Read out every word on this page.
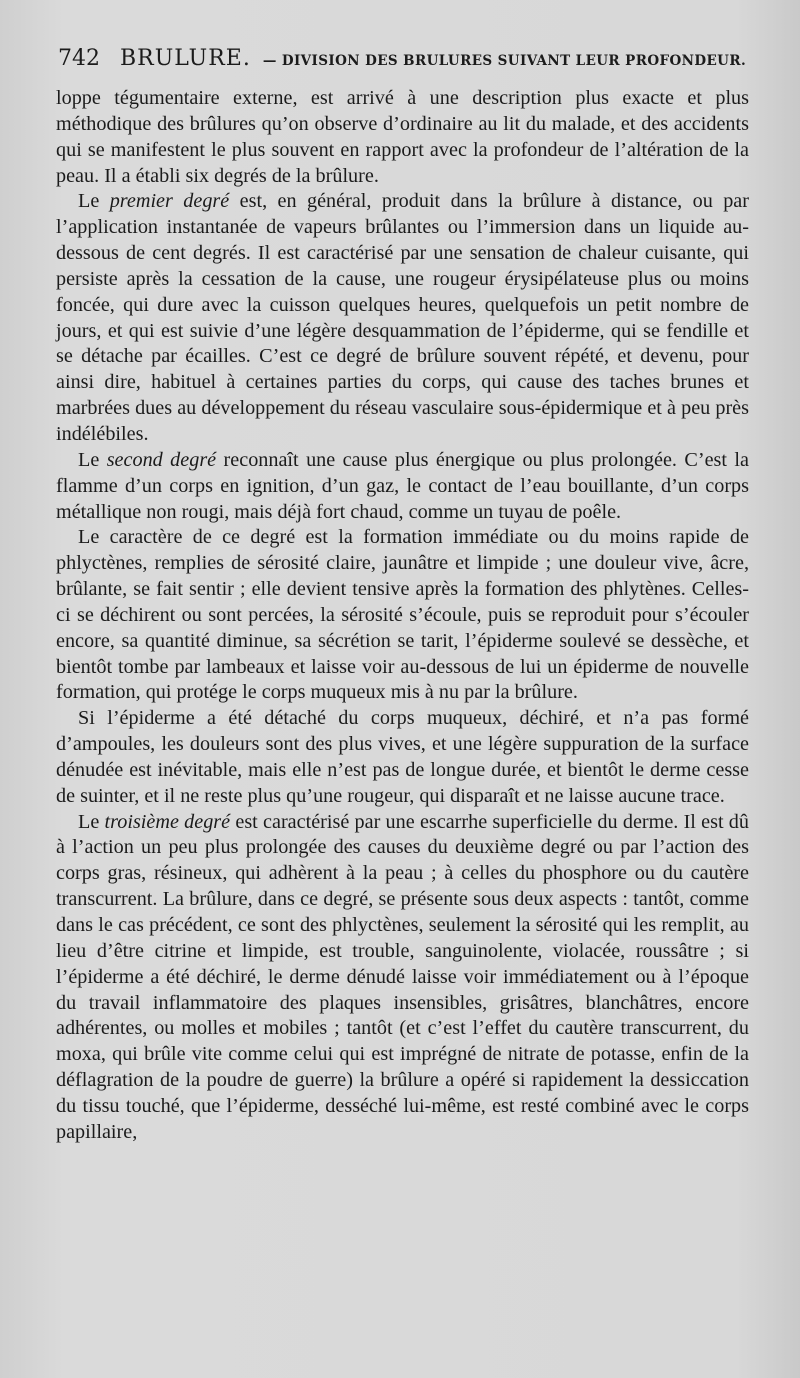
742 BRULURE. — DIVISION DES BRULURES SUIVANT LEUR PROFONDEUR.

loppe tégumentaire externe, est arrivé à une description plus exacte et plus méthodique des brûlures qu’on observe d’ordinaire au lit du malade, et des accidents qui se manifestent le plus souvent en rapport avec la profondeur de l’altération de la peau. Il a établi six degrés de la brûlure.

Le premier degré est, en général, produit dans la brûlure à distance, ou par l’application instantanée de vapeurs brûlantes ou l’immersion dans un liquide au-dessous de cent degrés. Il est caractérisé par une sensation de chaleur cuisante, qui persiste après la cessation de la cause, une rougeur érysipélateuse plus ou moins foncée, qui dure avec la cuisson quelques heures, quelquefois un petit nombre de jours, et qui est suivie d’une légère desquammation de l’épiderme, qui se fendille et se détache par écailles. C’est ce degré de brûlure souvent répété, et devenu, pour ainsi dire, habituel à certaines parties du corps, qui cause des taches brunes et marbrées dues au développement du réseau vasculaire sous-épidermique et à peu près indélébiles.

Le second degré reconnaît une cause plus énergique ou plus prolongée. C’est la flamme d’un corps en ignition, d’un gaz, le contact de l’eau bouillante, d’un corps métallique non rougi, mais déjà fort chaud, comme un tuyau de poêle.

Le caractère de ce degré est la formation immédiate ou du moins rapide de phlyctènes, remplies de sérosité claire, jaunâtre et limpide ; une douleur vive, âcre, brûlante, se fait sentir ; elle devient tensive après la formation des phlytènes. Celles-ci se déchirent ou sont percées, la sérosité s’écoule, puis se reproduit pour s’écouler encore, sa quantité diminue, sa sécrétion se tarit, l’épiderme soulevé se dessèche, et bientôt tombe par lambeaux et laisse voir au-dessous de lui un épiderme de nouvelle formation, qui protége le corps muqueux mis à nu par la brûlure.

Si l’épiderme a été détaché du corps muqueux, déchiré, et n’a pas formé d’ampoules, les douleurs sont des plus vives, et une légère suppuration de la surface dénudée est inévitable, mais elle n’est pas de longue durée, et bientôt le derme cesse de suinter, et il ne reste plus qu’une rougeur, qui disparaît et ne laisse aucune trace.

Le troisième degré est caractérisé par une escarrhe superficielle du derme. Il est dû à l’action un peu plus prolongée des causes du deuxième degré ou par l’action des corps gras, résineux, qui adhèrent à la peau ; à celles du phosphore ou du cautère transcurrent. La brûlure, dans ce degré, se présente sous deux aspects : tantôt, comme dans le cas précédent, ce sont des phlyctènes, seulement la sérosité qui les remplit, au lieu d’être citrine et limpide, est trouble, sanguinolente, violacée, roussâtre ; si l’épiderme a été déchiré, le derme dénudé laisse voir immédiatement ou à l’époque du travail inflammatoire des plaques insensibles, grisâtres, blanchâtres, encore adhérentes, ou molles et mobiles ; tantôt (et c’est l’effet du cautère transcurrent, du moxa, qui brûle vite comme celui qui est imprégné de nitrate de potasse, enfin de la déflagration de la poudre de guerre) la brûlure a opéré si rapidement la dessiccation du tissu touché, que l’épiderme, desséché lui-même, est resté combiné avec le corps papillaire,
